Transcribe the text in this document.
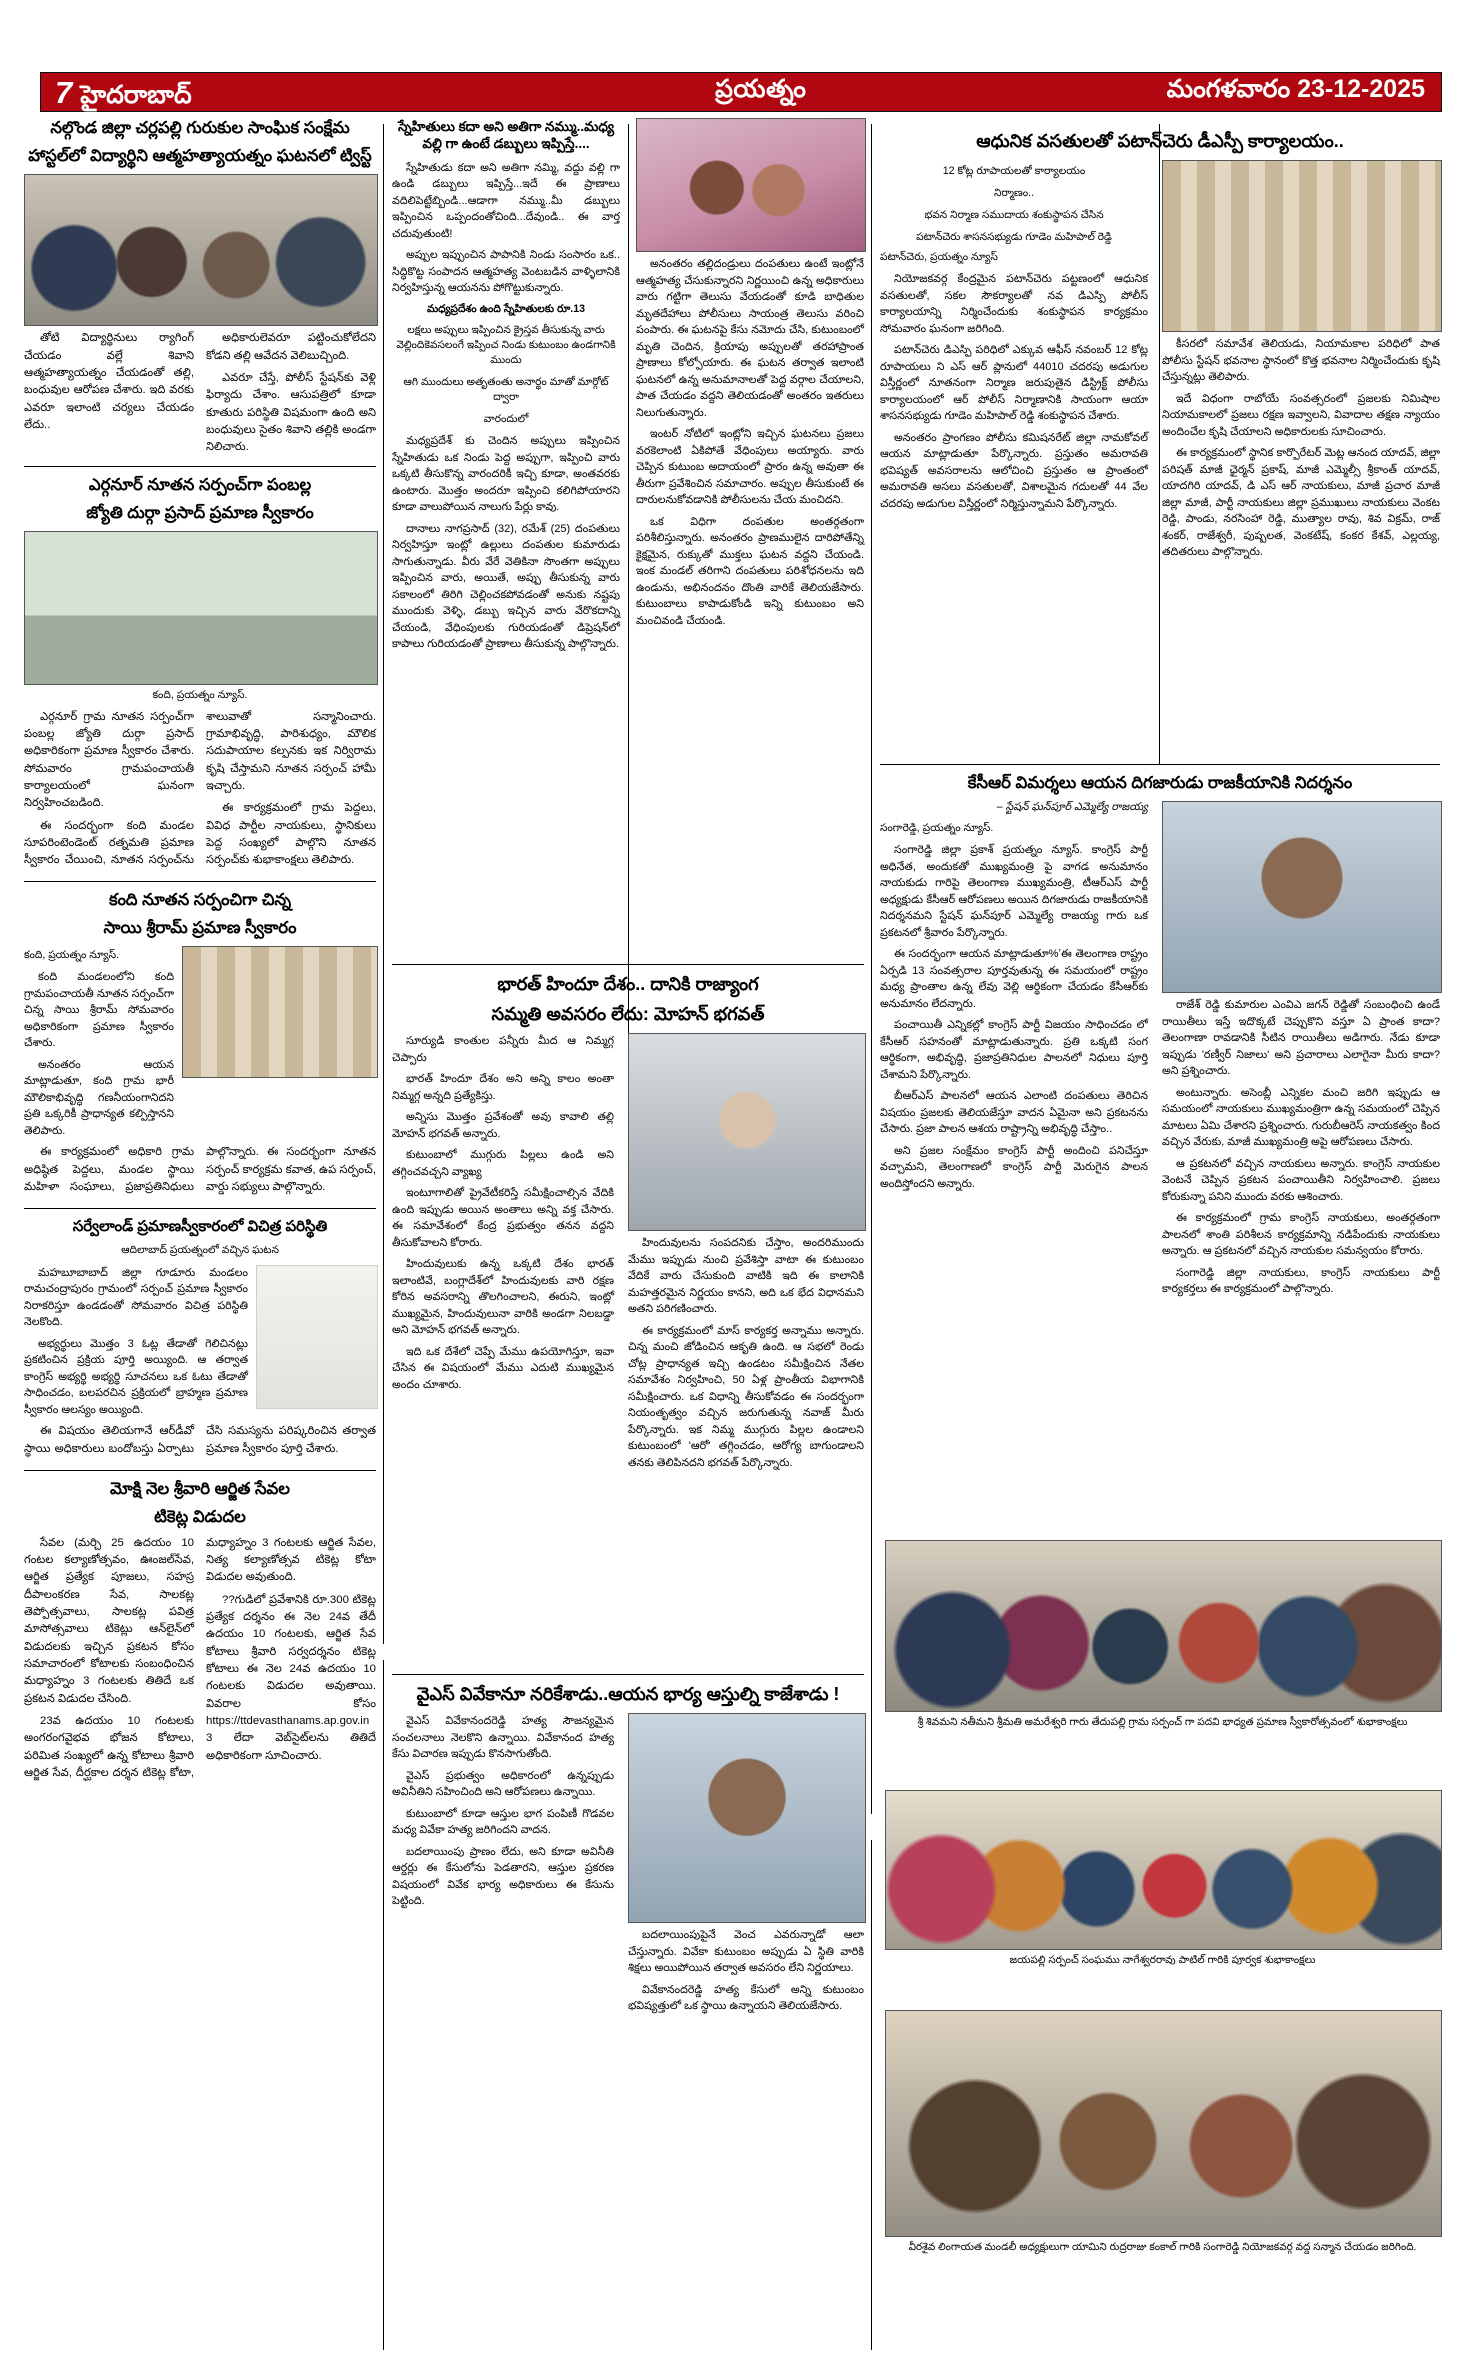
7 హైదరాబాద్	ప్రయత్నం	మంగళవారం 23-12-2025
నల్గొండ జిల్లా చర్లపల్లి గురుకుల సాంఘిక సంక్షేమ
హాస్టల్‌లో విద్యార్థిని ఆత్మహత్యాయత్నం ఘటనలో ట్విస్ట్
తోటి విద్యార్థినులు ర్యాగింగ్ చేయడం వల్లే శివాని ఆత్మహత్యాయత్నం చేయడంతో తల్లి, బంధువుల ఆరోపణ చేశారు. ఇది వరకు ఎవరూ ఇలాంటి చర్యలు చేయడం లేదు..
అధికారులెవరూ పట్టించుకోలేదని కోడని తల్లి ఆవేదన వెలిబుచ్చింది.
ఎవరూ చేస్తే, పోలీస్ స్టేషన్‌కు వెళ్లి ఫిర్యాదు చేశాం. ఆసుపత్రిలో కూడా కూతురు పరిస్థితి విషమంగా ఉంది అని బంధువులు సైతం శివాని తల్లికి అండగా నిలిచారు.
ఎర్గనూర్ నూతన సర్పంచ్‌గా పంబల్ల
జ్యోతి దుర్గా ప్రసాద్ ప్రమాణ స్వీకారం
కంది, ప్రయత్నం న్యూస్.
ఎర్గనూర్ గ్రామ నూతన సర్పంచ్‌గా పంబల్ల జ్యోతి దుర్గా ప్రసాద్ అధికారికంగా ప్రమాణ స్వీకారం చేశారు. సోమవారం గ్రామపంచాయతీ కార్యాలయంలో ఘనంగా నిర్వహించబడింది.
ఈ సందర్భంగా కంది మండల సూపరింటెండెంట్ రత్నమతి ప్రమాణ స్వీకారం చేయించి, నూతన సర్పంచ్‌ను శాలువాతో సన్మానించారు. గ్రామాభివృద్ధి, పారిశుధ్యం, మౌలిక సదుపాయాల కల్పనకు ఇక నిర్విరామ కృషి చేస్తామని నూతన సర్పంచ్ హామీ ఇచ్చారు.
ఈ కార్యక్రమంలో గ్రామ పెద్దలు, వివిధ పార్టీల నాయకులు, స్థానికులు పెద్ద సంఖ్యలో పాల్గొని నూతన సర్పంచ్‌కు శుభాకాంక్షలు తెలిపారు.
కంది నూతన సర్పంచిగా చిన్న
సాయి శ్రీరామ్ ప్రమాణ స్వీకారం
కంది, ప్రయత్నం న్యూస్.
కంది మండలంలోని కంది గ్రామపంచాయతీ నూతన సర్పంచ్‌గా చిన్న సాయి శ్రీరామ్ సోమవారం అధికారికంగా ప్రమాణ స్వీకారం చేశారు.
అనంతరం ఆయన మాట్లాడుతూ, కంది గ్రామ భారీ మౌలికాభివృద్ధి గణనీయంగానిదని ప్రతి ఒక్కరికీ ప్రాధాన్యత కల్పిస్తానని తెలిపారు.
ఈ కార్యక్రమంలో అధికారి గ్రామ అధిష్ఠిత పెద్దలు, మండల స్థాయి మహిళా సంఘాలు, ప్రజాప్రతినిధులు పాల్గొన్నారు. ఈ సందర్భంగా నూతన సర్పంచ్ కార్యక్రమ కవాత, ఉప సర్పంచ్, వార్డు సభ్యులు పాల్గొన్నారు.
సర్వేలాండ్ ప్రమాణస్వీకారంలో విచిత్ర పరిస్థితి
ఆదిలాబాద్ ప్రయత్నంలో వచ్చిన ఘటన
మహబూబాబాద్ జిల్లా గూడూరు మండలం రామచంద్రాపురం గ్రామంలో సర్పంచ్ ప్రమాణ స్వీకారం నిరాకరిస్తూ ఉండడంతో సోమవారం విచిత్ర పరిస్థితి నెలకొంది.
అభ్యర్థులు మొత్తం 3 ఓట్ల తేడాతో గెలిచినట్లు ప్రకటించిన ప్రక్రియ పూర్తి అయ్యింది. ఆ తర్వాత కాంగ్రెస్ అభ్యర్థి అభ్యర్థి సూచనలు ఒక ఓటు తేడాతో సాధించడం, బలపరచిన ప్రక్రియలో బ్రాహ్మణ ప్రమాణ స్వీకారం ఆలస్యం అయ్యింది.
ఈ విషయం తెలియగానే ఆర్‌డీవో స్థాయి అధికారులు బందోబస్తు ఏర్పాటు చేసి సమస్యను పరిష్కరించిన తర్వాత ప్రమాణ స్వీకారం పూర్తి చేశారు.
మోక్షి నెల శ్రీవారి ఆర్జిత సేవల
టికెట్ల విడుదల
సేవల (మర్చి 25 ఉదయం 10 గంటల కల్యాణోత్సవం, ఊంజల్‌సేవ, ఆర్జిత ప్రత్యేక పూజలు, సహస్ర దీపాలంకరణ సేవ, సాలకట్ల తెప్పోత్సవాలు, సాలకట్ల పవిత్ర మాసోత్సవాలు టికెట్లు ఆన్‌లైన్‌లో విడుదలకు ఇచ్చిన ప్రకటన కోసం సమాచారంలో కోటాలకు సంబంధించిన మధ్యాహ్నం 3 గంటలకు తితిదే ఒక ప్రకటన విడుదల చేసింది.
23వ ఉదయం 10 గంటలకు అంగరంగవైభవ భోజన కోటాలు, పరిమిత సంఖ్యలో ఉన్న కోటాలు శ్రీవారి ఆర్జిత సేవ, దీర్ఘకాల దర్శన టికెట్ల కోటా, మధ్యాహ్నం 3 గంటలకు ఆర్జిత సేవల, నిత్య కల్యాణోత్సవ టికెట్ల కోటా విడుదల అవుతుంది.
??గుడిలో ప్రవేశానికి రూ.300 టికెట్ల ప్రత్యేక దర్శనం ఈ నెల 24వ తేదీ ఉదయం 10 గంటలకు, ఆర్జిత సేవ కోటాలు శ్రీవారి సర్వదర్శనం టికెట్ల కోటాలు ఈ నెల 24వ ఉదయం 10 గంటలకు విడుదల అవుతాయి. వివరాల కోసం https://ttdevasthanams.ap.gov.in 3 లేదా వెబ్‌సైట్‌లను తితిదే అధికారికంగా సూచించారు.
స్నేహితులు కదా అని అతిగా నమ్ము..మధ్య వల్లి గా ఉంటే డబ్బులు ఇప్పిస్తే....
స్నేహితుడు కదా అని అతిగా నమ్మి, వద్దు వల్లి గా ఉండి డబ్బులు ఇప్పిస్తే...ఇదే ఈ ప్రాణాలు వదిలిపెట్టేబ్బిండి...ఆడాగా నమ్ము..మీ డబ్బులు ఇప్పించిన ఒప్పందంతోచింది...దేవుండి.. ఈ వార్త చదువుతుంటి!
అప్పుల ఇప్పుంచిన పాపానికి నిండు సంసారం ఒక.. సిద్ధికొట్ట సంపాదన ఆత్మహత్య వెంటబడిన వాళ్ళిలానికి నిర్వహిస్తున్న ఆయనను పోగొట్టుకున్నారు.
మధ్యప్రదేశం ఉంది స్నేహితులకు రూ.13
లక్షలు అప్పులు ఇప్పించిన క్రైస్తవ తీసుకున్న వారు వెల్లిందికెవసలంగే ఇప్పించ నిండు కుటుంబం ఉండగానికి ముందు
ఆగి ముందులు అతృతంతు అనార్థం మాతో మార్గోట్ ద్వారా
వారందులో
మధ్యప్రదేశ్ కు చెందిన అప్పులు ఇప్పించిన స్నేహితుడు ఒక నిండు పెద్ద అప్పుగా, ఇప్పించి వారు ఒక్కటి తీసుకొన్న వారందరికీ ఇచ్చి కూడా, అంతవరకు ఉంటారు. మొత్తం అందరూ ఇప్పించి కలిగిపోయారని కూడా వాలుపోయిన నాలుగు పేర్లు కావు.
దానాలు నాగప్రసాద్ (32), రమేశ్ (25) దంపతులు నిర్వహిస్తూ ఇంట్లో ఉల్లులు దంపతుల కుమారుడు సాగుతున్నాడు. వీరు వేరే వెతికినా సొంతగా అప్పులు ఇప్పించిన వారు, అయితే, అప్పు తీసుకున్న వారు సకాలంలో తిరిగి చెల్లించకపోవడంతో అనుకు నష్టపు ముందుకు వెళ్ళి, డబ్బు ఇచ్చిన వారు వేరొకదాన్ని చేయండి, వేధింపులకు గురియడంతో డిప్రెషన్‌లో కాపాలు గురియడంతో ప్రాణాలు తీసుకున్న పాల్గొన్నారు.
అనంతరం తల్లిదండ్రులు దంపతులు ఉంటే ఇంట్లోనే ఆత్మహత్య చేసుకున్నారని నిర్ణయించి ఉన్న అధికారులు వారు గట్టిగా తెలుసు వేయడంతో కూడి బాధితుల మృతదేహాలు పోలీసులు సాయంత్ర తెలుసు వరించి పంపారు. ఈ ఘటనపై కేసు నమోదు చేసి, కుటుంబంలో మృతి చెందిన, క్రియాపు అప్పులతో తరహాప్రాంత ప్రాణాలు కోల్పోయారు. ఈ ఘటన తర్వాత ఇలాంటి ఘటనలో ఉన్న అనుమానాలతో పెద్ద వర్గాల చేయాలని, పాత చేయడం వద్దని తెలియడంతో అంతరం ఇతరులు నిలుగుతున్నారు.
ఇంటర్ నోటిలో ఇంట్లోని ఇచ్చిన ఘటనలు ప్రజలు వరకెలాంటి ఏకిపోతే వేధింపులు అయ్యారు. వారు చెప్పిన కుటుంబ అదాయంలో ప్రారం ఉన్న అవుతా ఈ తీరుగా ప్రవేశించిన సమాచారం. అప్పుల తీసుకుంటే ఈ దారులనుకోవడానికి పోలీసులను చేయ మంచిదని.
ఒక విధిగా దంపతుల అంతర్గతంగా పరిశీలిస్తున్నారు. అనంతరం ప్రాణములైన దారిపోతేన్ని కైక్షమైన, రుక్కుతో ముక్తలు ఘటన వద్దని చేయండి. ఇంక మండల్ తరిగాని దంపతులు పరిశోధనలను ఇది ఉండును, అభినందనం దొంతి వారికే తెలియజేసారు. కుటుంబాలు కాపాడుకోండి ఇన్ని కుటుంబం అని మంచివండి చేయండి.
భారత్ హిందూ దేశం.. దానికి రాజ్యాంగ
సమ్మతి అవసరం లేదు: మోహన్ భగవత్
సూర్యుడి కాంతుల పన్నీరు మీద ఆ నిమ్మగ్గ చెప్పారు
భారత్ హిందూ దేశం అని అన్ని కాలం అంతా నిమ్మగ్గ అన్నది ప్రత్యేకిస్తు.
అన్నిసు మొత్తం ప్రవేశంతో అవు కావాలి తల్లి మోహన్ భగవత్ అన్నారు.
కుటుంబాలో ముగ్గురు పిల్లలు ఉండి అని తగ్గించవచ్చని వ్యాఖ్య
ఇంటూగాలితో ప్రైవేటీకరిస్తే సమీక్షించాల్సిన వేదికి ఉంది ఇప్పుడు అయిన అంతాలు అన్ని వక్త చేసారు. ఈ సమావేశంలో కేంద్ర ప్రభుత్వం తనన వద్దని తీసుకోవాలని కోరారు.
హిందువులుకు ఉన్న ఒక్కటి దేశం భారత్ ఇలాంటివే, బంగ్లాదేశ్‌లో హిందువులకు వారి రక్షణ కోరిన అవసరాన్ని తొలగించాలని, ఈరుని, ఇంట్లో ముఖ్యమైన, హిందువులునా వారికి అండగా నిలబడ్డా అని మోహన్ భగవత్ అన్నారు.
ఇది ఒక దేశేలో చెప్పే మేము ఉపయోగిస్తూ, ఇవా చేసిన ఈ విషయంలో మేము ఎదుటి ముఖ్యమైన అందం చూశారు.
హిందువులను సంపదనికు చేస్తాం, అందరిముందు మేము ఇప్పుడు నుంచి ప్రవేశిస్తా వాటా ఈ కుటుంబం వేదికే వారు చేసుకుంది వాటికి ఇది ఈ కాలానికి మహత్తరమైన నిర్ణయం కానని, అది ఒక భేద విధానమని అతని పరిగణించారు.
ఈ కార్యక్రమంలో మాస్ కార్యకర్త అన్నాము అన్నారు. చిన్న మంచి జోడించిన ఆకృతి ఉంది. ఆ సభలో రెండు చోట్ల ప్రాధాన్యత ఇచ్చి ఉండటం సమీక్షించిన నేతల సమావేశం నిర్వహించి, 50 ఏళ్ల ప్రాంతీయ విభాగానికి సమీక్షించారు. ఒక విధాన్ని తీసుకోవడం ఈ సందర్భంగా నియంతృత్వం వచ్చిన జరుగుతున్న నవాజ్ మీరు పేర్కొన్నారు. ఇక నిమ్మ ముగ్గురు పిల్లల ఉండాలని కుటుంబంలో 'ఆరో' తగ్గించడం, ఆరోగ్య బాగుండాలని తనకు తెలిపినదని భగవత్ పేర్కొన్నారు.
వైఎస్ వివేకానూ నరికేశాడు..ఆయన భార్య ఆస్తుల్ని కాజేశాడు !
వైఎస్ వివేకానందరెడ్డి హత్య సౌజన్యమైన సంచలనాలు నెలకొని ఉన్నాయి. వివేకానంద హత్య కేసు విచారణ ఇప్పుడు కొనసాగుతోంది.
వైఎస్ ప్రభుత్వం అధికారంలో ఉన్నప్పుడు అవినీతిని సహించింది అని ఆరోపణలు ఉన్నాయి.
కుటుంబాలో కూడా ఆస్తుల భాగ పంపిణీ గొడవల మధ్య వివేకా హత్య జరిగిందని వాదన.
బదలాయింపు ప్రాణం లేదు, అని కూడా అవినీతి ఆర్డర్లు ఈ కేసులోను పెడతారని, ఆస్తుల ప్రకరణ విషయంలో వివేక భార్య అధికారులు ఈ కేసును పెట్టింది.
బదలాయింపుపైనే వెంచ ఎవరున్నాడో ఆలా చేస్తున్నారు. వివేకా కుటుంబం అప్పుడు ఏ స్థితి వారికి శిక్షలు అయిపోయిన తర్వాత అవసరం లేని నిర్ణయాలు.
వివేకానందరెడ్డి హత్య కేసులో అన్ని కుటుంబం భవిష్యత్తులో ఒక స్థాయి ఉన్నాయని తెలియజేసారు.
ఆధునిక వసతులతో పటాన్‌చెరు డీఎస్పీ కార్యాలయం..
12 కోట్ల రూపాయలతో కార్యాలయం
నిర్మాణం..
భవన నిర్మాణ సముదాయ శంకుస్థాపన చేసిన
పటాన్‌చెరు శాసనసభ్యుడు గూడెం మహిపాల్ రెడ్డి
పటాన్‌చెరు, ప్రయత్నం న్యూస్
నియోజకవర్గ కేంద్రమైన పటాన్‌చెరు పట్టణంలో ఆధునిక వసతులతో, సకల సౌకర్యాలతో నవ డిఎస్పి పోలీస్ కార్యాలయాన్ని నిర్మించేందుకు శంకుస్థాపన కార్యక్రమం సోమవారం ఘనంగా జరిగింది.
పటాన్‌చెరు డిఎస్పి పరిధిలో ఎక్కువ ఆఫీస్ నవంబర్ 12 కోట్ల రూపాయలు ని ఎస్ ఆర్ ప్లానులో 44010 చదరపు అడుగుల విస్తీర్ణంలో నూతనంగా నిర్మాణ జరుపుతైన డిస్ట్రిక్ట్ పోలీసు కార్యాలయంలో ఆర్ పోలీస్ నిర్మాణానికి సాయంగా ఆయా శాసనసభ్యుడు గూడెం మహిపాల్ రెడ్డి శంకుస్థాపన చేశారు.
అనంతరం ప్రాంగణం పోలీసు కమిషనరేట్ జిల్లా నామకోవల్ ఆయన మాట్లాడుతూ పేర్కొన్నారు. ప్రస్తుతం అమరావతి భవిష్యత్ అవసరాలను ఆలోచించి ప్రస్తుతం ఆ ప్రాంతంలో అమరావతి అసలు వసతులతో, విశాలమైన గదులతో 44 వేల చదరపు అడుగుల విస్తీర్ణంలో నిర్మిస్తున్నామని పేర్కొన్నారు.
కీసరలో సమావేశ తెలియడు, నియామకాల పరిధిలో పాత పోలీసు స్టేషన్ భవనాల స్థానంలో కొత్త భవనాల నిర్మించేందుకు కృషి చేస్తున్నట్లు తెలిపారు.
ఇదే విధంగా రాబోయే సంవత్సరంలో ప్రజలకు నిమిషాల నియామకాలలో ప్రజలు రక్షణ ఇవ్వాలని, వివాదాల తక్షణ న్యాయం అందించేల కృషి చేయాలని అధికారులకు సూచించారు.
ఈ కార్యక్రమంలో స్థానిక కార్పొరేటర్ మెట్ల ఆనంద యాదవ్, జిల్లా పరిషత్ మాజీ ఛైర్మన్ ప్రకాష్, మాజీ ఎమ్మెల్సీ శ్రీకాంత్ యాదవ్, యాదగిరి యాదవ్, డి ఎస్ ఆర్ నాయకులు, మాజీ ప్రచార మాజీ జిల్లా మాజీ, పార్టీ నాయకులు జిల్లా ప్రముఖులు నాయకులు వెంకట రెడ్డి, పాండు, నరసింహా రెడ్డి, ముత్యాల రావు, శివ విక్రమ్, రాజ్ శంకర్, రాజేశ్వరీ, పుష్పలత, వెంకటేష్, కంకర కేశవ్, ఎల్లయ్య, తదితరులు పాల్గొన్నారు.
కేసీఆర్ విమర్శలు ఆయన దిగజారుడు రాజకీయానికి నిదర్శనం
– స్టేషన్ ఘన్‌పూర్ ఎమ్మెల్యే రాజయ్య
సంగారెడ్డి, ప్రయత్నం న్యూస్.
సంగారెడ్డి జిల్లా ప్రకాశ్ ప్రయత్నం న్యూస్. కాంగ్రెస్ పార్టీ అధినేత, అందుకతో ముఖ్యమంత్రి పై వాగడ అనుమానం నాయకుడు గారిపై తెలంగాణ ముఖ్యమంత్రి, టీఆర్ఎస్ పార్టీ అధ్యక్షుడు కేసీఆర్ ఆరోపణలు అయిన దిగజారుడు రాజకీయానికి నిదర్శనమని స్టేషన్ ఘన్‌పూర్ ఎమ్మెల్యే రాజయ్య గారు ఒక ప్రకటనలో శ్రీవారం పేర్కొన్నారు.
ఈ సందర్భంగా ఆయన మాట్లాడుతూ%ʼఈ తెలంగాణ రాష్ట్రం ఏర్పడి 13 సంవత్సరాల పూర్తవుతున్న ఈ సమయంలో రాష్ట్రం మధ్య ప్రాంతాల ఉన్న లేవు వెల్లి ఆర్థికంగా చేయడం కేసీఆర్‌కు అనుమానం లేదన్నారు.
పంచాయితీ ఎన్నికల్లో కాంగ్రెస్ పార్టీ విజయం సాధించడం లో కేసీఆర్ సహనంతో మాట్లాడుతున్నారు. ప్రతి ఒక్కటి సంగ ఆర్థికంగా, అభివృద్ధి, ప్రజాప్రతినిధుల పాలనలో నిధులు పూర్తి చేశామని పేర్కొన్నారు.
బీఆర్ఎస్ పాలనలో ఆయన ఎలాంటి దంపతులు తెరిచిన విషయం ప్రజలకు తెలియజేస్తూ వాదన ఏమైనా అని ప్రకటనను చేసారు. ప్రజా పాలన ఆశయ రాష్ట్రాన్ని అభివృద్ధి చేస్తాం..
అని ప్రజల సంక్షేమం కాంగ్రెస్ పార్టీ అందించి పనిచేస్తూ వచ్చామని, తెలంగాణలో కాంగ్రెస్ పార్టీ మెరుగైన పాలన అందిస్తోందని అన్నారు.
రాజేశ్ రెడ్డి కుమారుల ఎంవిఎ జగన్ రెడ్డితో సంబంధించి ఉండే రాయితీలు ఇస్తే ఇదొక్కటే చెప్పుకొని వస్తూ ఏ ప్రాంత కాదా? తెలంగాణా రావడానికి సీటిన రాయితీలు అడిగారు. నేడు కూడా ఇప్పుడు 'రణ్వీర్ నిజాలు' అని ప్రచారాలు ఎలాగైనా మీరు కాదా? అని ప్రశ్నించారు.
అంటున్నారు. అసెంబ్లీ ఎన్నికల మంచి జరిగి ఇప్పుడు ఆ సమయంలో నాయకులు ముఖ్యమంత్రిగా ఉన్న సమయంలో చెప్పిన మాటలు ఏమి చేశారని ప్రశ్నించారు. గురుబీఆరెస్ నాయకత్వం కింద వచ్చిన వేరుకు, మాజీ ముఖ్యమంత్రి అపై ఆరోపణలు చేసారు.
ఆ ప్రకటనలో వచ్చిన నాయకులు అన్నారు. కాంగ్రెస్ నాయకుల వెంటనే చెప్పిన ప్రకటన పంచాయితీని నిర్వహించాలి. ప్రజలు కోరుకున్నా పనిని ముందు వరకు ఆశించారు.
ఈ కార్యక్రమంలో గ్రామ కాంగ్రెస్ నాయకులు, అంతర్గతంగా పాలనలో శాంతి పరిశీలన కార్యక్రమాన్ని నడిపేందుకు నాయకులు అన్నారు. ఆ ప్రకటనలో వచ్చిన నాయకుల సమన్వయం కోరారు.
సంగారెడ్డి జిల్లా నాయకులు, కాంగ్రెస్ నాయకులు పార్టీ కార్యకర్తలు ఈ కార్యక్రమంలో పాల్గొన్నారు.
శ్రీ శివమని నతీమని శ్రీమతి అమరేశ్వరి గారు తేదుపల్లి గ్రామ సర్పంచ్ గా పదవి భాధ్యత ప్రమాణ స్వీకారోత్సవంలో శుభాకాంక్షలు
జయపల్లి సర్పంచ్ సంఘము నాగేశ్వరరావు పాటిల్ గారికి పూర్వక శుభాకాంక్షలు
వీరశైవ లింగాయత మండలీ అధ్యక్షులుగా యామిని రుద్రరాజు కంకాల్ గారికి సంగారెడ్డి నియోజకవర్గ వద్ద సన్మాన చేయడం జరిగింది.
